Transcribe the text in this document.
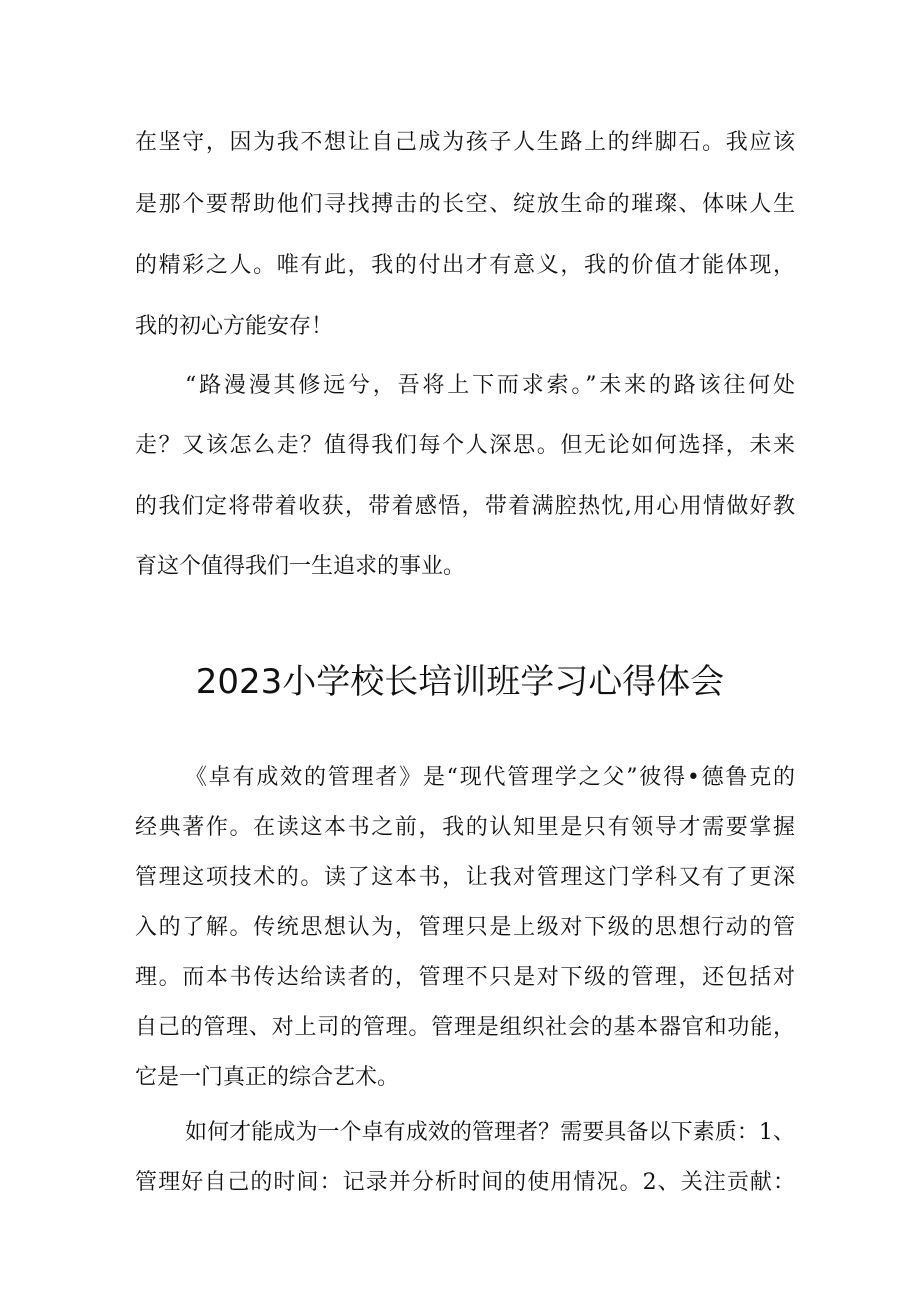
在坚守，因为我不想让自己成为孩子人生路上的绊脚石。我应该
是那个要帮助他们寻找搏击的长空、绽放生命的璀璨、体味人生
的精彩之人。唯有此，我的付出才有意义，我的价值才能体现，
我的初心方能安存！
“路漫漫其修远兮，吾将上下而求索。”未来的路该往何处
走？又该怎么走？值得我们每个人深思。但无论如何选择，未来
的我们定将带着收获，带着感悟，带着满腔热忱,用心用情做好教
育这个值得我们一生追求的事业。
2023小学校长培训班学习心得体会
《卓有成效的管理者》是“现代管理学之父”彼得•德鲁克的
经典著作。在读这本书之前，我的认知里是只有领导才需要掌握
管理这项技术的。读了这本书，让我对管理这门学科又有了更深
入的了解。传统思想认为，管理只是上级对下级的思想行动的管
理。而本书传达给读者的，管理不只是对下级的管理，还包括对
自己的管理、对上司的管理。管理是组织社会的基本器官和功能，
它是一门真正的综合艺术。
如何才能成为一个卓有成效的管理者？需要具备以下素质：1、
管理好自己的时间：记录并分析时间的使用情况。2、关注贡献：
